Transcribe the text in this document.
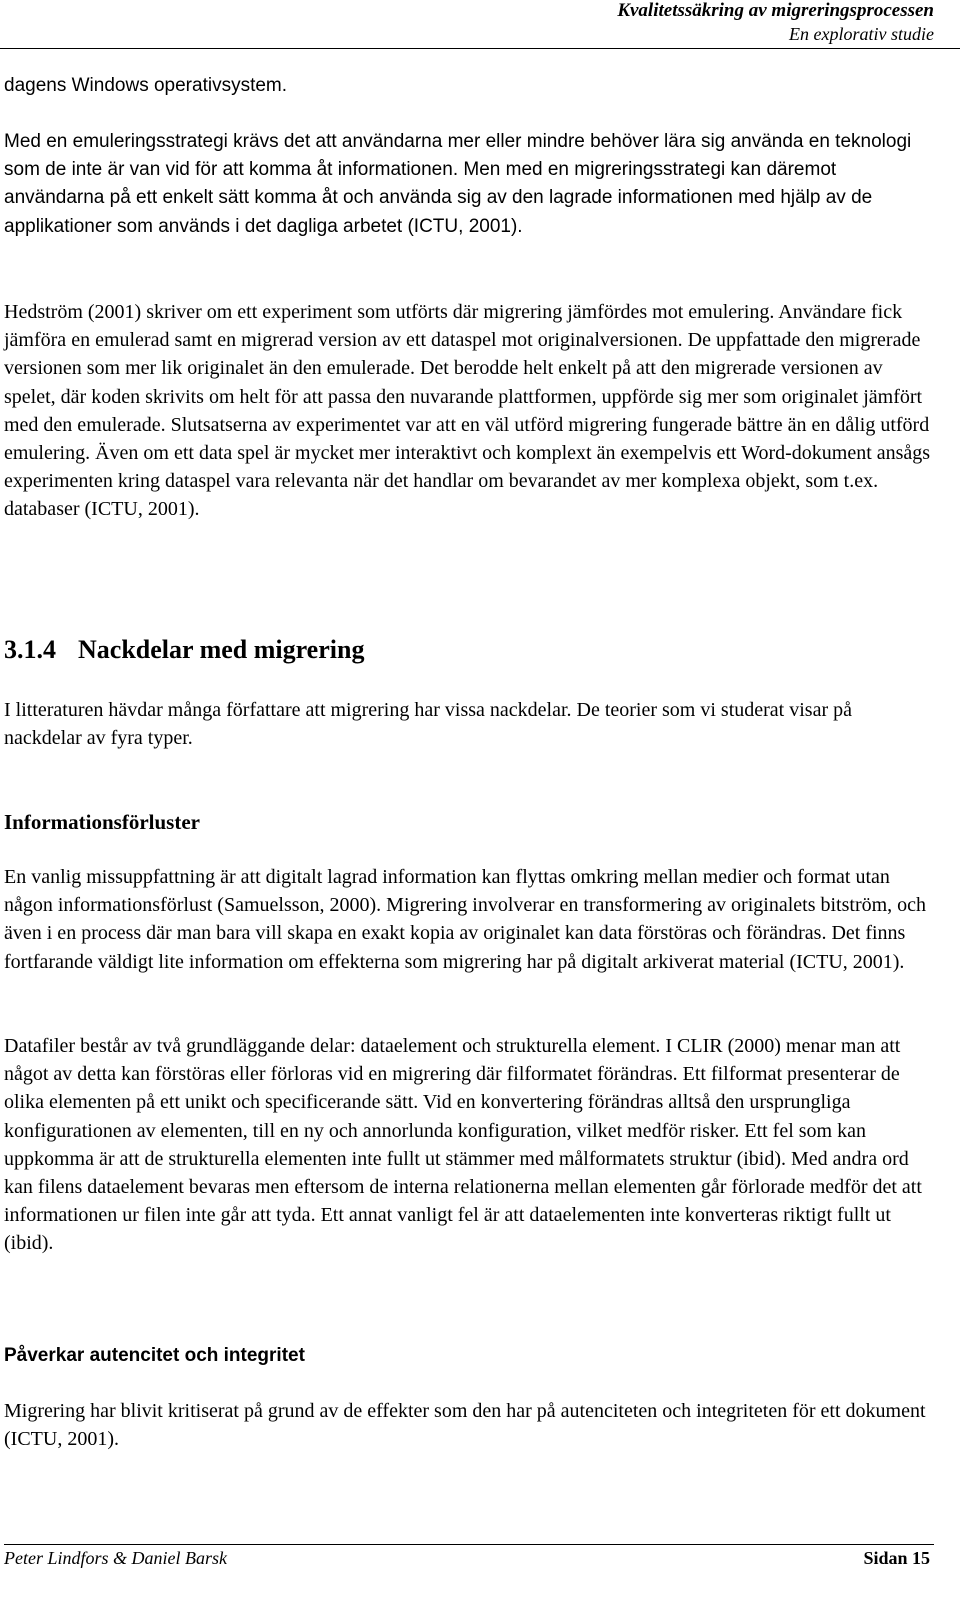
Kvalitetssäkring av migreringsprocessen
En explorativ studie

dagens Windows operativsystem.

Med en emuleringsstrategi krävs det att användarna mer eller mindre behöver lära sig använda en teknologi som de inte är van vid för att komma åt informationen. Men med en migreringsstrategi kan däremot användarna på ett enkelt sätt komma åt och använda sig av den lagrade informationen med hjälp av de applikationer som används i det dagliga arbetet (ICTU, 2001).

Hedström (2001) skriver om ett experiment som utförts där migrering jämfördes mot emulering. Användare fick jämföra en emulerad samt en migrerad version av ett dataspel mot originalversionen. De uppfattade den migrerade versionen som mer lik originalet än den emulerade. Det berodde helt enkelt på att den migrerade versionen av spelet, där koden skrivits om helt för att passa den nuvarande plattformen, uppförde sig mer som originalet jämfört med den emulerade. Slutsatserna av experimentet var att en väl utförd migrering fungerade bättre än en dålig utförd emulering. Även om ett data spel är mycket mer interaktivt och komplext än exempelvis ett Word-dokument ansågs experimenten kring dataspel vara relevanta när det handlar om bevarandet av mer komplexa objekt, som t.ex. databaser (ICTU, 2001).

3.1.4 Nackdelar med migrering

I litteraturen hävdar många författare att migrering har vissa nackdelar. De teorier som vi studerat visar på nackdelar av fyra typer.

Informationsförluster

En vanlig missuppfattning är att digitalt lagrad information kan flyttas omkring mellan medier och format utan någon informationsförlust (Samuelsson, 2000). Migrering involverar en transformering av originalets bitström, och även i en process där man bara vill skapa en exakt kopia av originalet kan data förstöras och förändras. Det finns fortfarande väldigt lite information om effekterna som migrering har på digitalt arkiverat material (ICTU, 2001).

Datafiler består av två grundläggande delar: dataelement och strukturella element. I CLIR (2000) menar man att något av detta kan förstöras eller förloras vid en migrering där filformatet förändras. Ett filformat presenterar de olika elementen på ett unikt och specificerande sätt. Vid en konvertering förändras alltså den ursprungliga konfigurationen av elementen, till en ny och annorlunda konfiguration, vilket medför risker. Ett fel som kan uppkomma är att de strukturella elementen inte fullt ut stämmer med målformatets struktur (ibid). Med andra ord kan filens dataelement bevaras men eftersom de interna relationerna mellan elementen går förlorade medför det att informationen ur filen inte går att tyda. Ett annat vanligt fel är att dataelementen inte konverteras riktigt fullt ut (ibid).

Påverkar autencitet och integritet

Migrering har blivit kritiserat på grund av de effekter som den har på autenciteten och integriteten för ett dokument (ICTU, 2001).

Peter Lindfors & Daniel Barsk	Sidan 15
